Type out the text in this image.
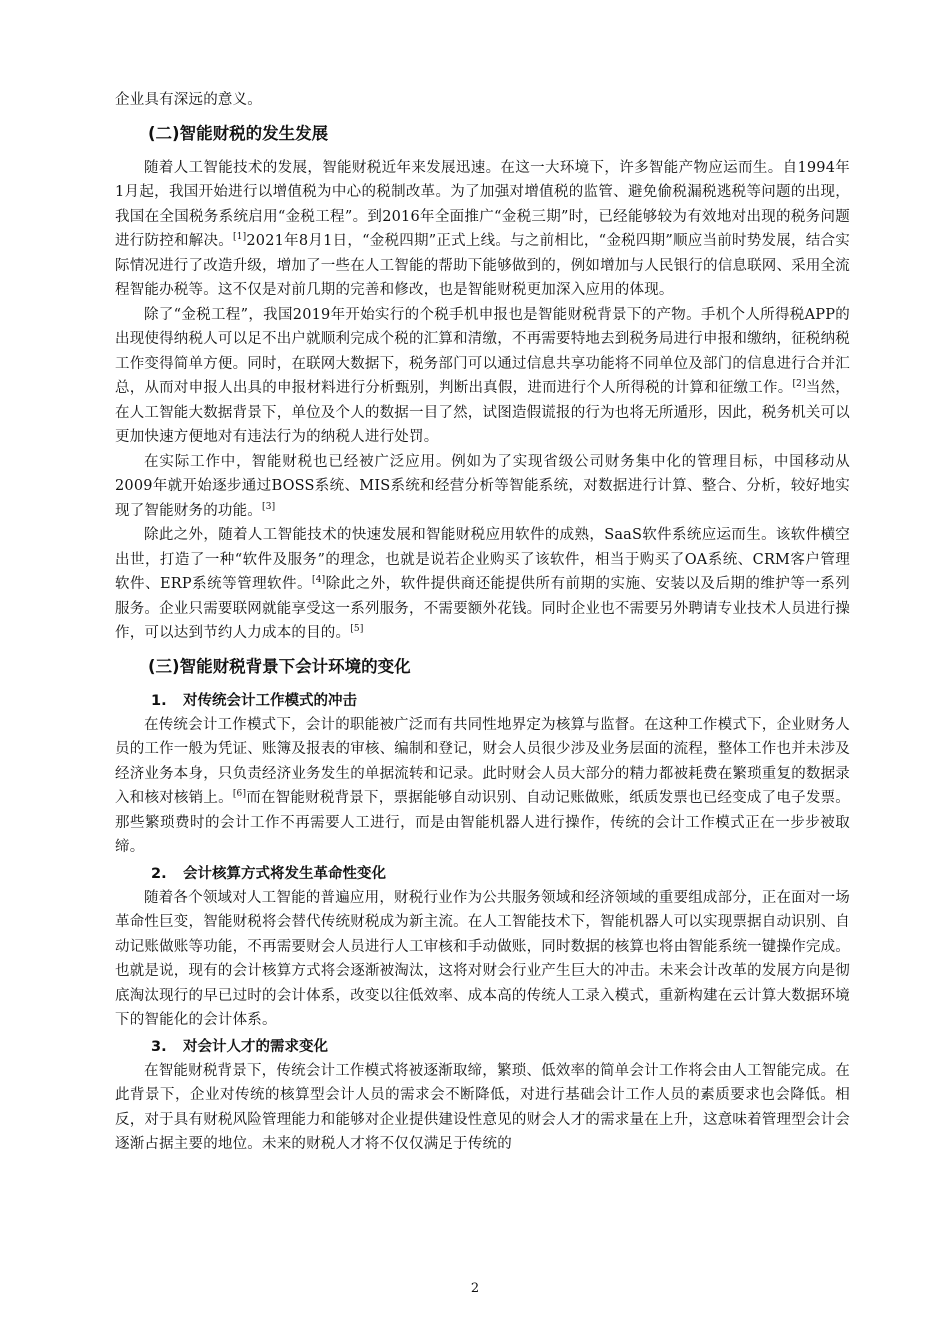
企业具有深远的意义。

(二)智能财税的发生发展

随着人工智能技术的发展，智能财税近年来发展迅速。在这一大环境下，许多智能产物应运而生。自1994年1月起，我国开始进行以增值税为中心的税制改革。为了加强对增值税的监管、避免偷税漏税逃税等问题的出现，我国在全国税务系统启用“金税工程”。到2016年全面推广“金税三期”时，已经能够较为有效地对出现的税务问题进行防控和解决。[1]2021年8月1日，“金税四期”正式上线。与之前相比，“金税四期”顺应当前时势发展，结合实际情况进行了改造升级，增加了一些在人工智能的帮助下能够做到的，例如增加与人民银行的信息联网、采用全流程智能办税等。这不仅是对前几期的完善和修改，也是智能财税更加深入应用的体现。

除了“金税工程”，我国2019年开始实行的个税手机申报也是智能财税背景下的产物。手机个人所得税APP的出现使得纳税人可以足不出户就顺利完成个税的汇算和清缴，不再需要特地去到税务局进行申报和缴纳，征税纳税工作变得简单方便。同时，在联网大数据下，税务部门可以通过信息共享功能将不同单位及部门的信息进行合并汇总，从而对申报人出具的申报材料进行分析甄别，判断出真假，进而进行个人所得税的计算和征缴工作。[2]当然，在人工智能大数据背景下，单位及个人的数据一目了然，试图造假谎报的行为也将无所遁形，因此，税务机关可以更加快速方便地对有违法行为的纳税人进行处罚。

在实际工作中，智能财税也已经被广泛应用。例如为了实现省级公司财务集中化的管理目标，中国移动从2009年就开始逐步通过BOSS系统、MIS系统和经营分析等智能系统，对数据进行计算、整合、分析，较好地实现了智能财务的功能。[3]

除此之外，随着人工智能技术的快速发展和智能财税应用软件的成熟，SaaS软件系统应运而生。该软件横空出世，打造了一种“软件及服务”的理念，也就是说若企业购买了该软件，相当于购买了OA系统、CRM客户管理软件、ERP系统等管理软件。[4]除此之外，软件提供商还能提供所有前期的实施、安装以及后期的维护等一系列服务。企业只需要联网就能享受这一系列服务，不需要额外花钱。同时企业也不需要另外聘请专业技术人员进行操作，可以达到节约人力成本的目的。[5]

(三)智能财税背景下会计环境的变化
1. 对传统会计工作模式的冲击

在传统会计工作模式下，会计的职能被广泛而有共同性地界定为核算与监督。在这种工作模式下，企业财务人员的工作一般为凭证、账簿及报表的审核、编制和登记，财会人员很少涉及业务层面的流程，整体工作也并未涉及经济业务本身，只负责经济业务发生的单据流转和记录。此时财会人员大部分的精力都被耗费在繁琐重复的数据录入和核对核销上。[6]而在智能财税背景下，票据能够自动识别、自动记账做账，纸质发票也已经变成了电子发票。那些繁琐费时的会计工作不再需要人工进行，而是由智能机器人进行操作，传统的会计工作模式正在一步步被取缔。

2. 会计核算方式将发生革命性变化

随着各个领域对人工智能的普遍应用，财税行业作为公共服务领域和经济领域的重要组成部分，正在面对一场革命性巨变，智能财税将会替代传统财税成为新主流。在人工智能技术下，智能机器人可以实现票据自动识别、自动记账做账等功能，不再需要财会人员进行人工审核和手动做账，同时数据的核算也将由智能系统一键操作完成。也就是说，现有的会计核算方式将会逐渐被淘汰，这将对财会行业产生巨大的冲击。未来会计改革的发展方向是彻底淘汰现行的早已过时的会计体系，改变以往低效率、成本高的传统人工录入模式，重新构建在云计算大数据环境下的智能化的会计体系。

3. 对会计人才的需求变化

在智能财税背景下，传统会计工作模式将被逐渐取缔，繁琐、低效率的简单会计工作将会由人工智能完成。在此背景下，企业对传统的核算型会计人员的需求会不断降低，对进行基础会计工作人员的素质要求也会降低。相反，对于具有财税风险管理能力和能够对企业提供建设性意见的财会人才的需求量在上升，这意味着管理型会计会逐渐占据主要的地位。未来的财税人才将不仅仅满足于传统的

2
